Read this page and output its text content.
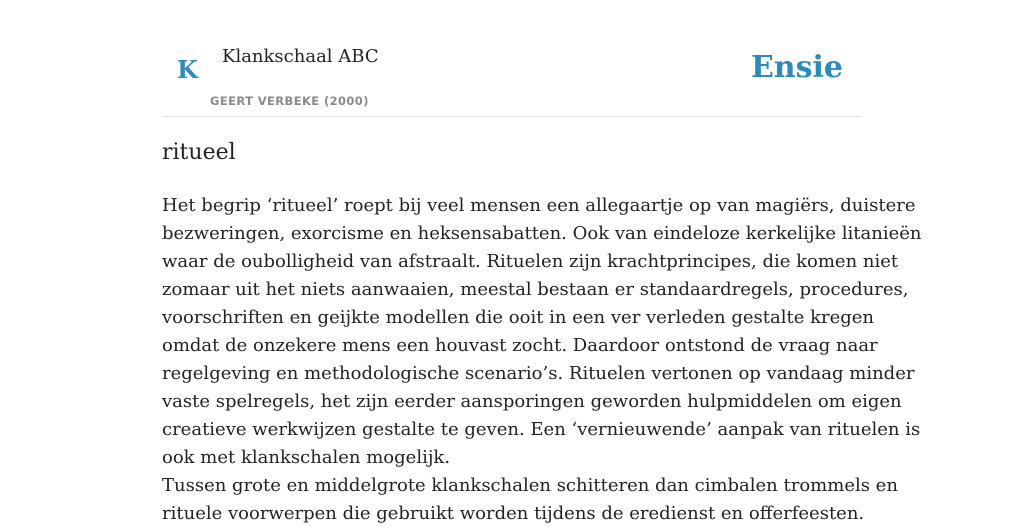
K Klankschaal ABC
GEERT VERBEKE (2000)
Ensie
ritueel
Het begrip ‘ritueel’ roept bij veel mensen een allegaartje op van magiërs, duistere
bezweringen, exorcisme en heksensabatten. Ook van eindeloze kerkelijke litanieën
waar de oubolligheid van afstraalt. Rituelen zijn krachtprincipes, die komen niet
zomaar uit het niets aanwaaien, meestal bestaan er standaardregels, procedures,
voorschriften en geijkte modellen die ooit in een ver verleden gestalte kregen
omdat de onzekere mens een houvast zocht. Daardoor ontstond de vraag naar
regelgeving en methodologische scenario’s. Rituelen vertonen op vandaag minder
vaste spelregels, het zijn eerder aansporingen geworden hulpmiddelen om eigen
creatieve werkwijzen gestalte te geven. Een ‘vernieuwende’ aanpak van rituelen is
ook met klankschalen mogelijk.
Tussen grote en middelgrote klankschalen schitteren dan cimbalen trommels en
rituele voorwerpen die gebruikt worden tijdens de eredienst en offerfeesten.
